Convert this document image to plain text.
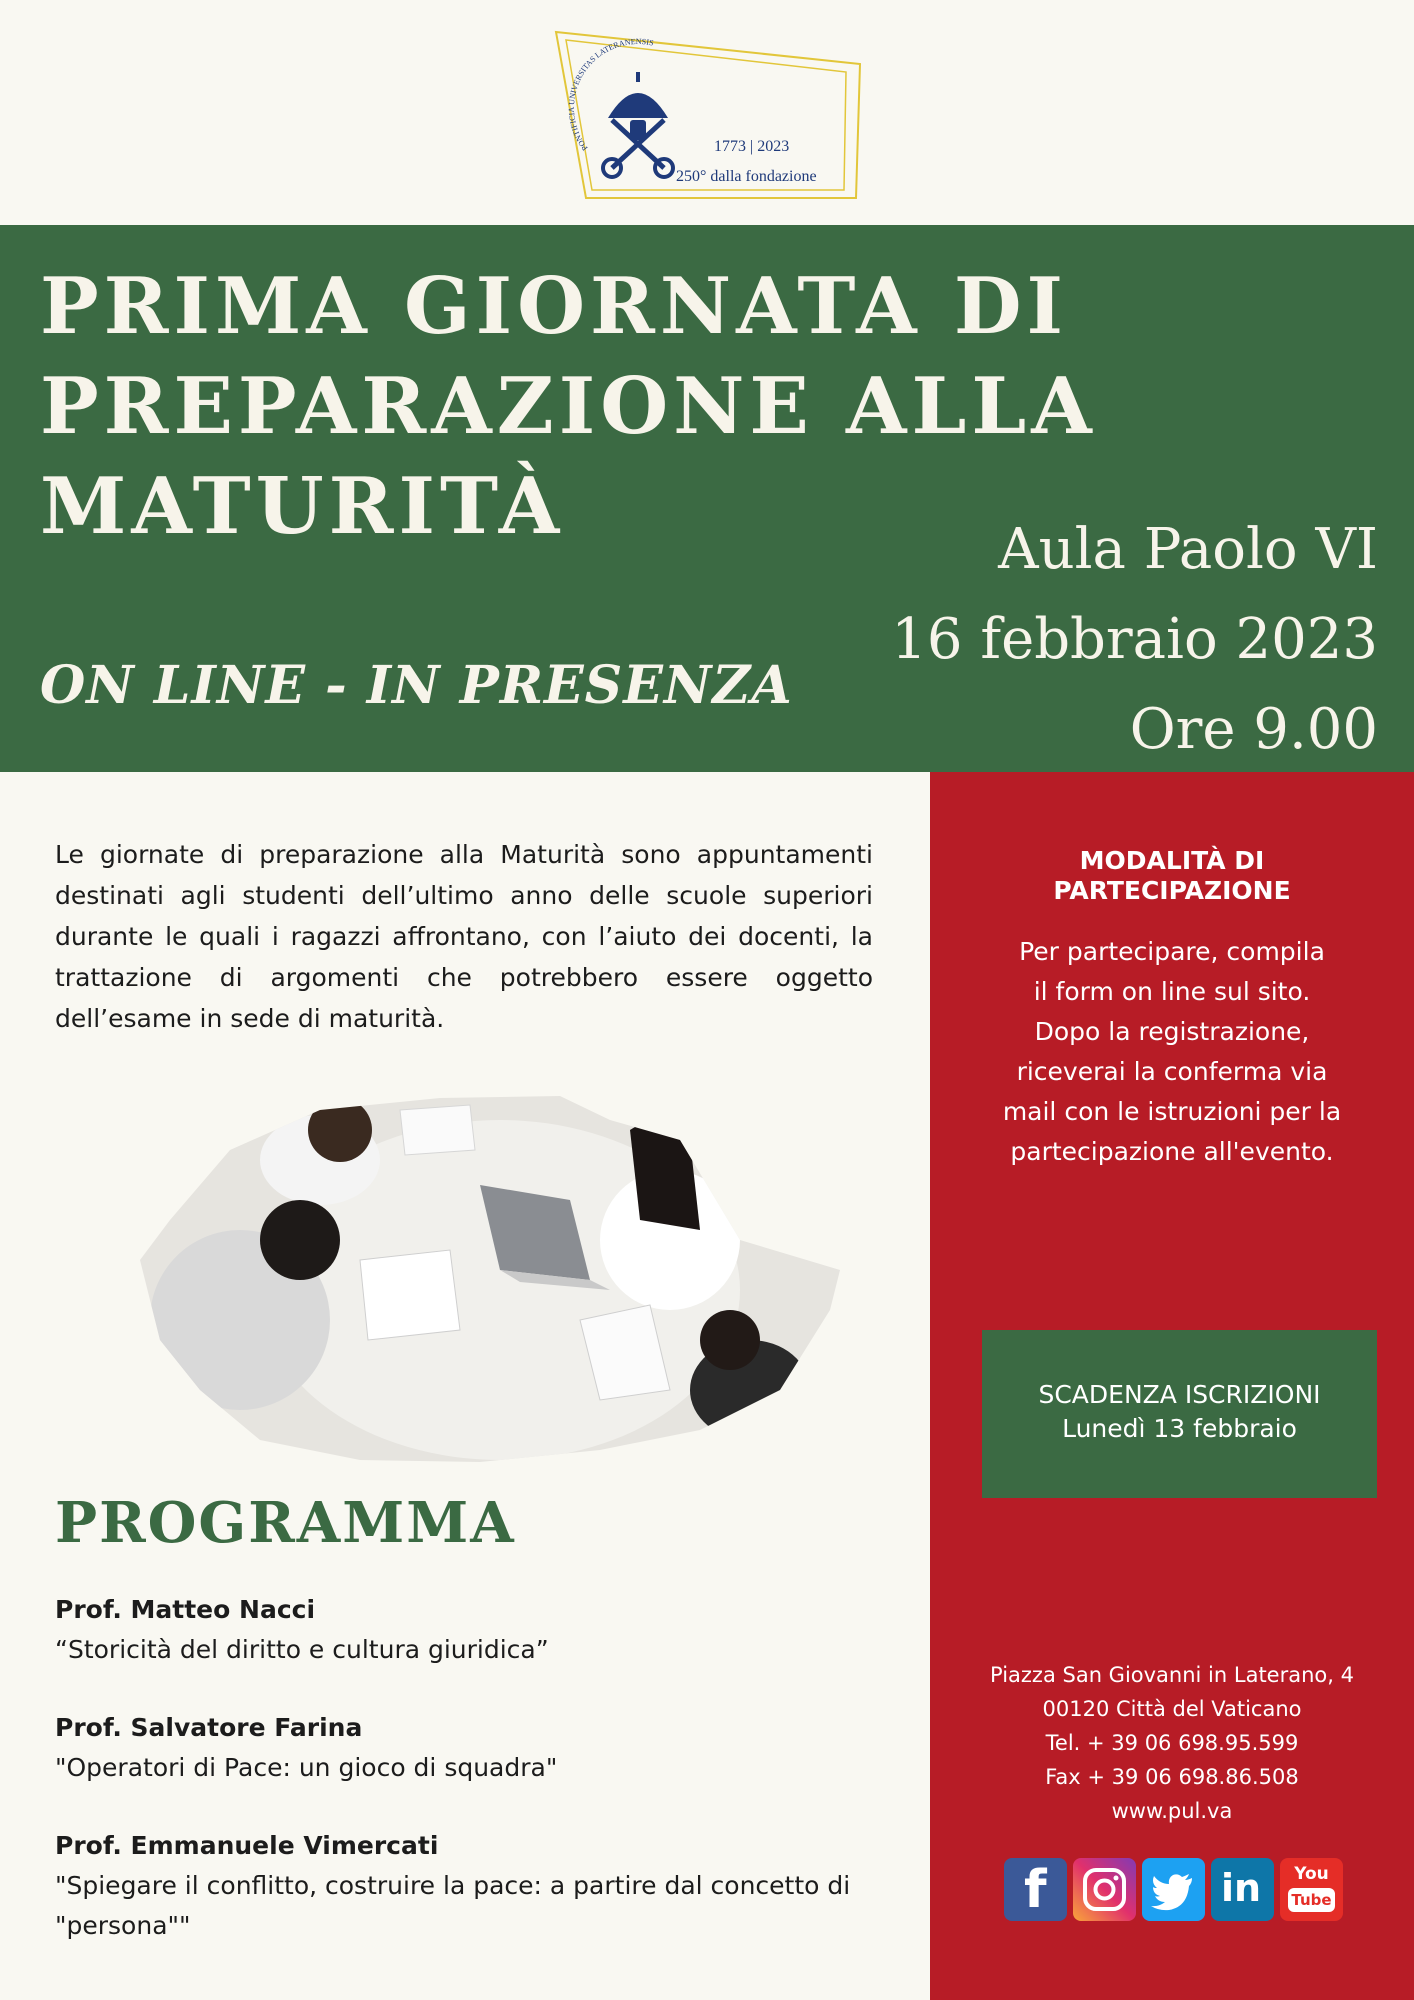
PONTIFICIA UNIVERSITAS LATERANENSIS
1773 | 2023
250° dalla fondazione
PRIMA GIORNATA DI
PREPARAZIONE ALLA
MATURITÀ
ON LINE - IN PRESENZA
Aula Paolo VI
16 febbraio 2023
Ore 9.00

Le giornate di preparazione alla Maturità sono appuntamenti destinati agli studenti dell’ultimo anno delle scuole superiori durante le quali i ragazzi affrontano, con l’aiuto dei docenti, la trattazione di argomenti che potrebbero essere oggetto dell’esame in sede di maturità.

PROGRAMMA
Prof. Matteo Nacci
“Storicità del diritto e cultura giuridica”
Prof. Salvatore Farina
"Operatori di Pace: un gioco di squadra"
Prof. Emmanuele Vimercati
"Spiegare il conflitto, costruire la pace: a partire dal concetto di "persona""
MODALITÀ DI
PARTECIPAZIONE

Per partecipare, compila
il form on line sul sito.
Dopo la registrazione,
riceverai la conferma via
mail con le istruzioni per la
partecipazione all'evento.

SCADENZA ISCRIZIONI
Lunedì 13 febbraio
Piazza San Giovanni in Laterano, 4
00120 Città del Vaticano
Tel. + 39 06 698.95.599
Fax + 39 06 698.86.508
www.pul.va
f	in	You
Tube
